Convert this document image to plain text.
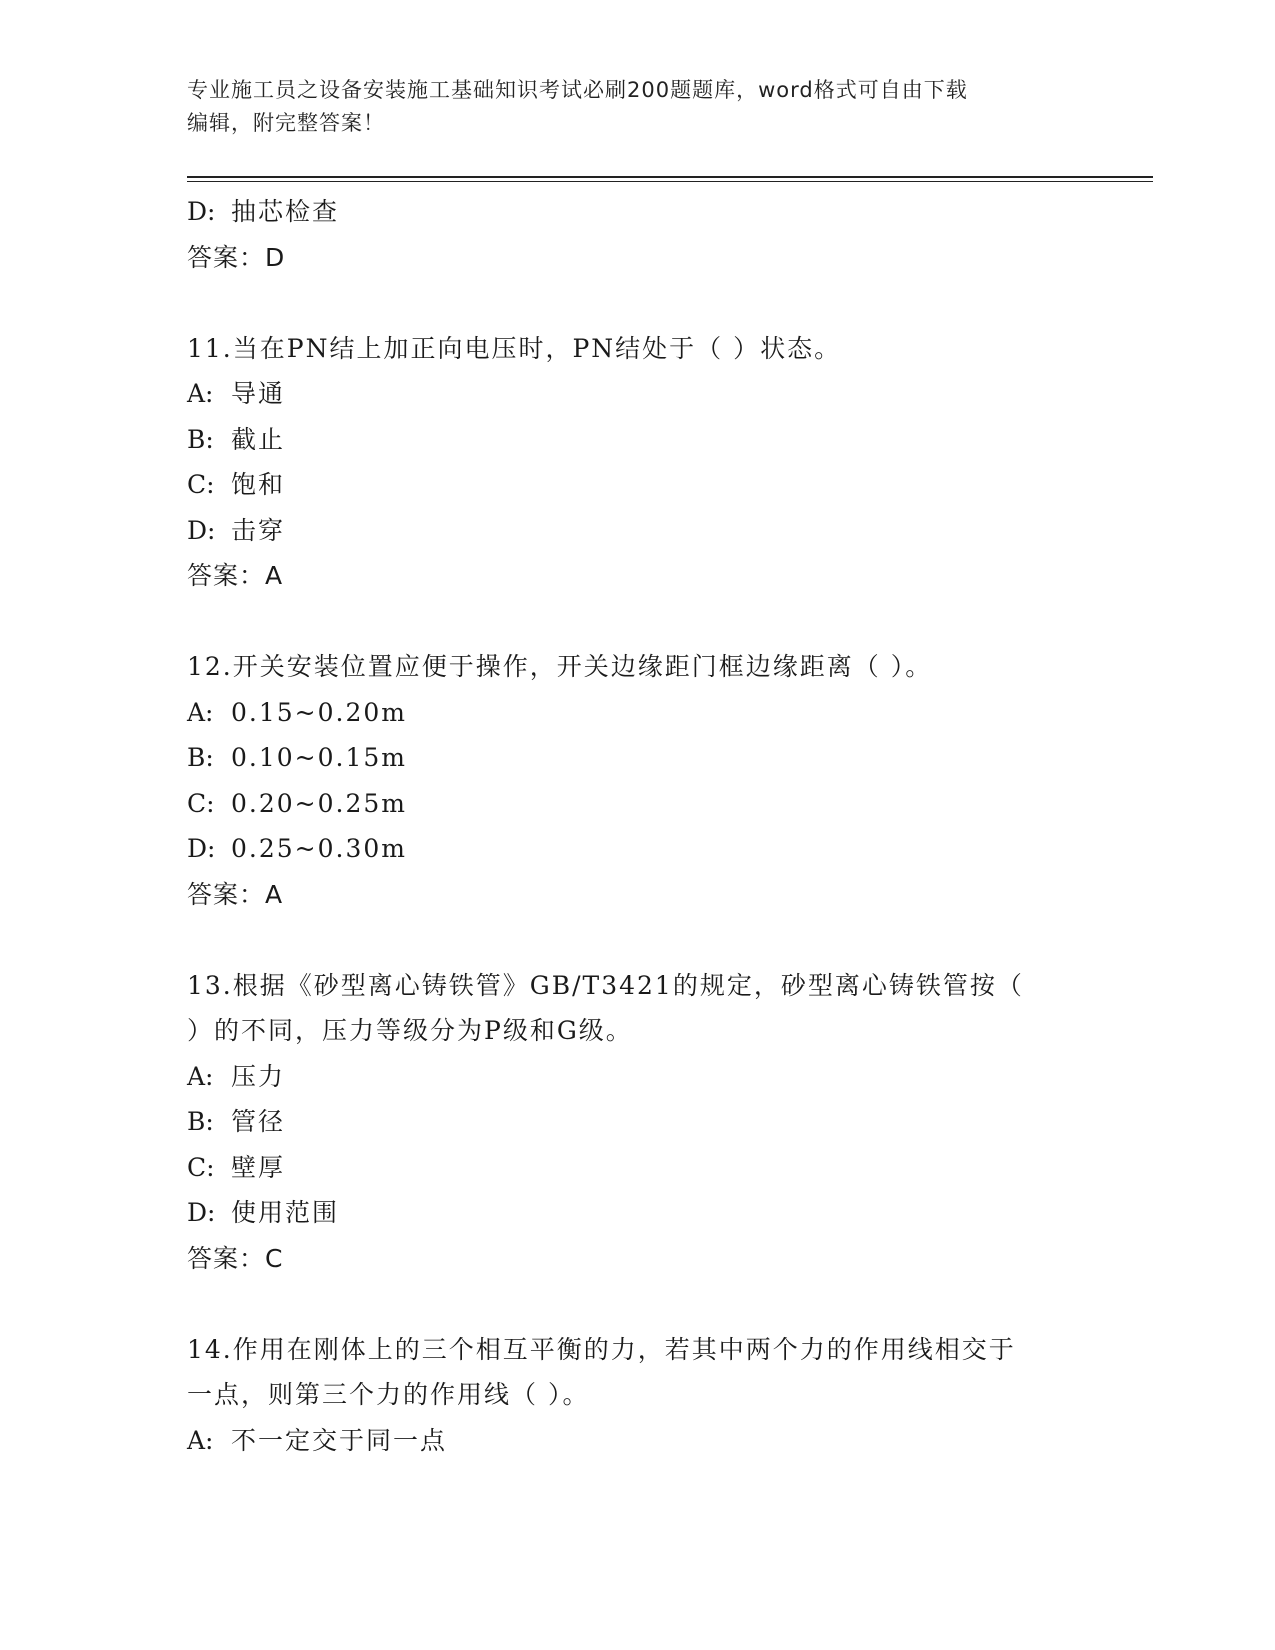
专业施工员之设备安装施工基础知识考试必刷200题题库，word格式可自由下载
编辑，附完整答案！
D: 抽芯检查
答案：D
11.当在PN结上加正向电压时，PN结处于（ ）状态。
A: 导通
B: 截止
C: 饱和
D: 击穿
答案：A
12.开关安装位置应便于操作，开关边缘距门框边缘距离（ ）。
A: 0.15~0.20m
B: 0.10~0.15m
C: 0.20~0.25m
D: 0.25~0.30m
答案：A
13.根据《砂型离心铸铁管》GB/T3421的规定，砂型离心铸铁管按（
）的不同，压力等级分为P级和G级。
A: 压力
B: 管径
C: 壁厚
D: 使用范围
答案：C
14.作用在刚体上的三个相互平衡的力，若其中两个力的作用线相交于
一点，则第三个力的作用线（ ）。
A: 不一定交于同一点
